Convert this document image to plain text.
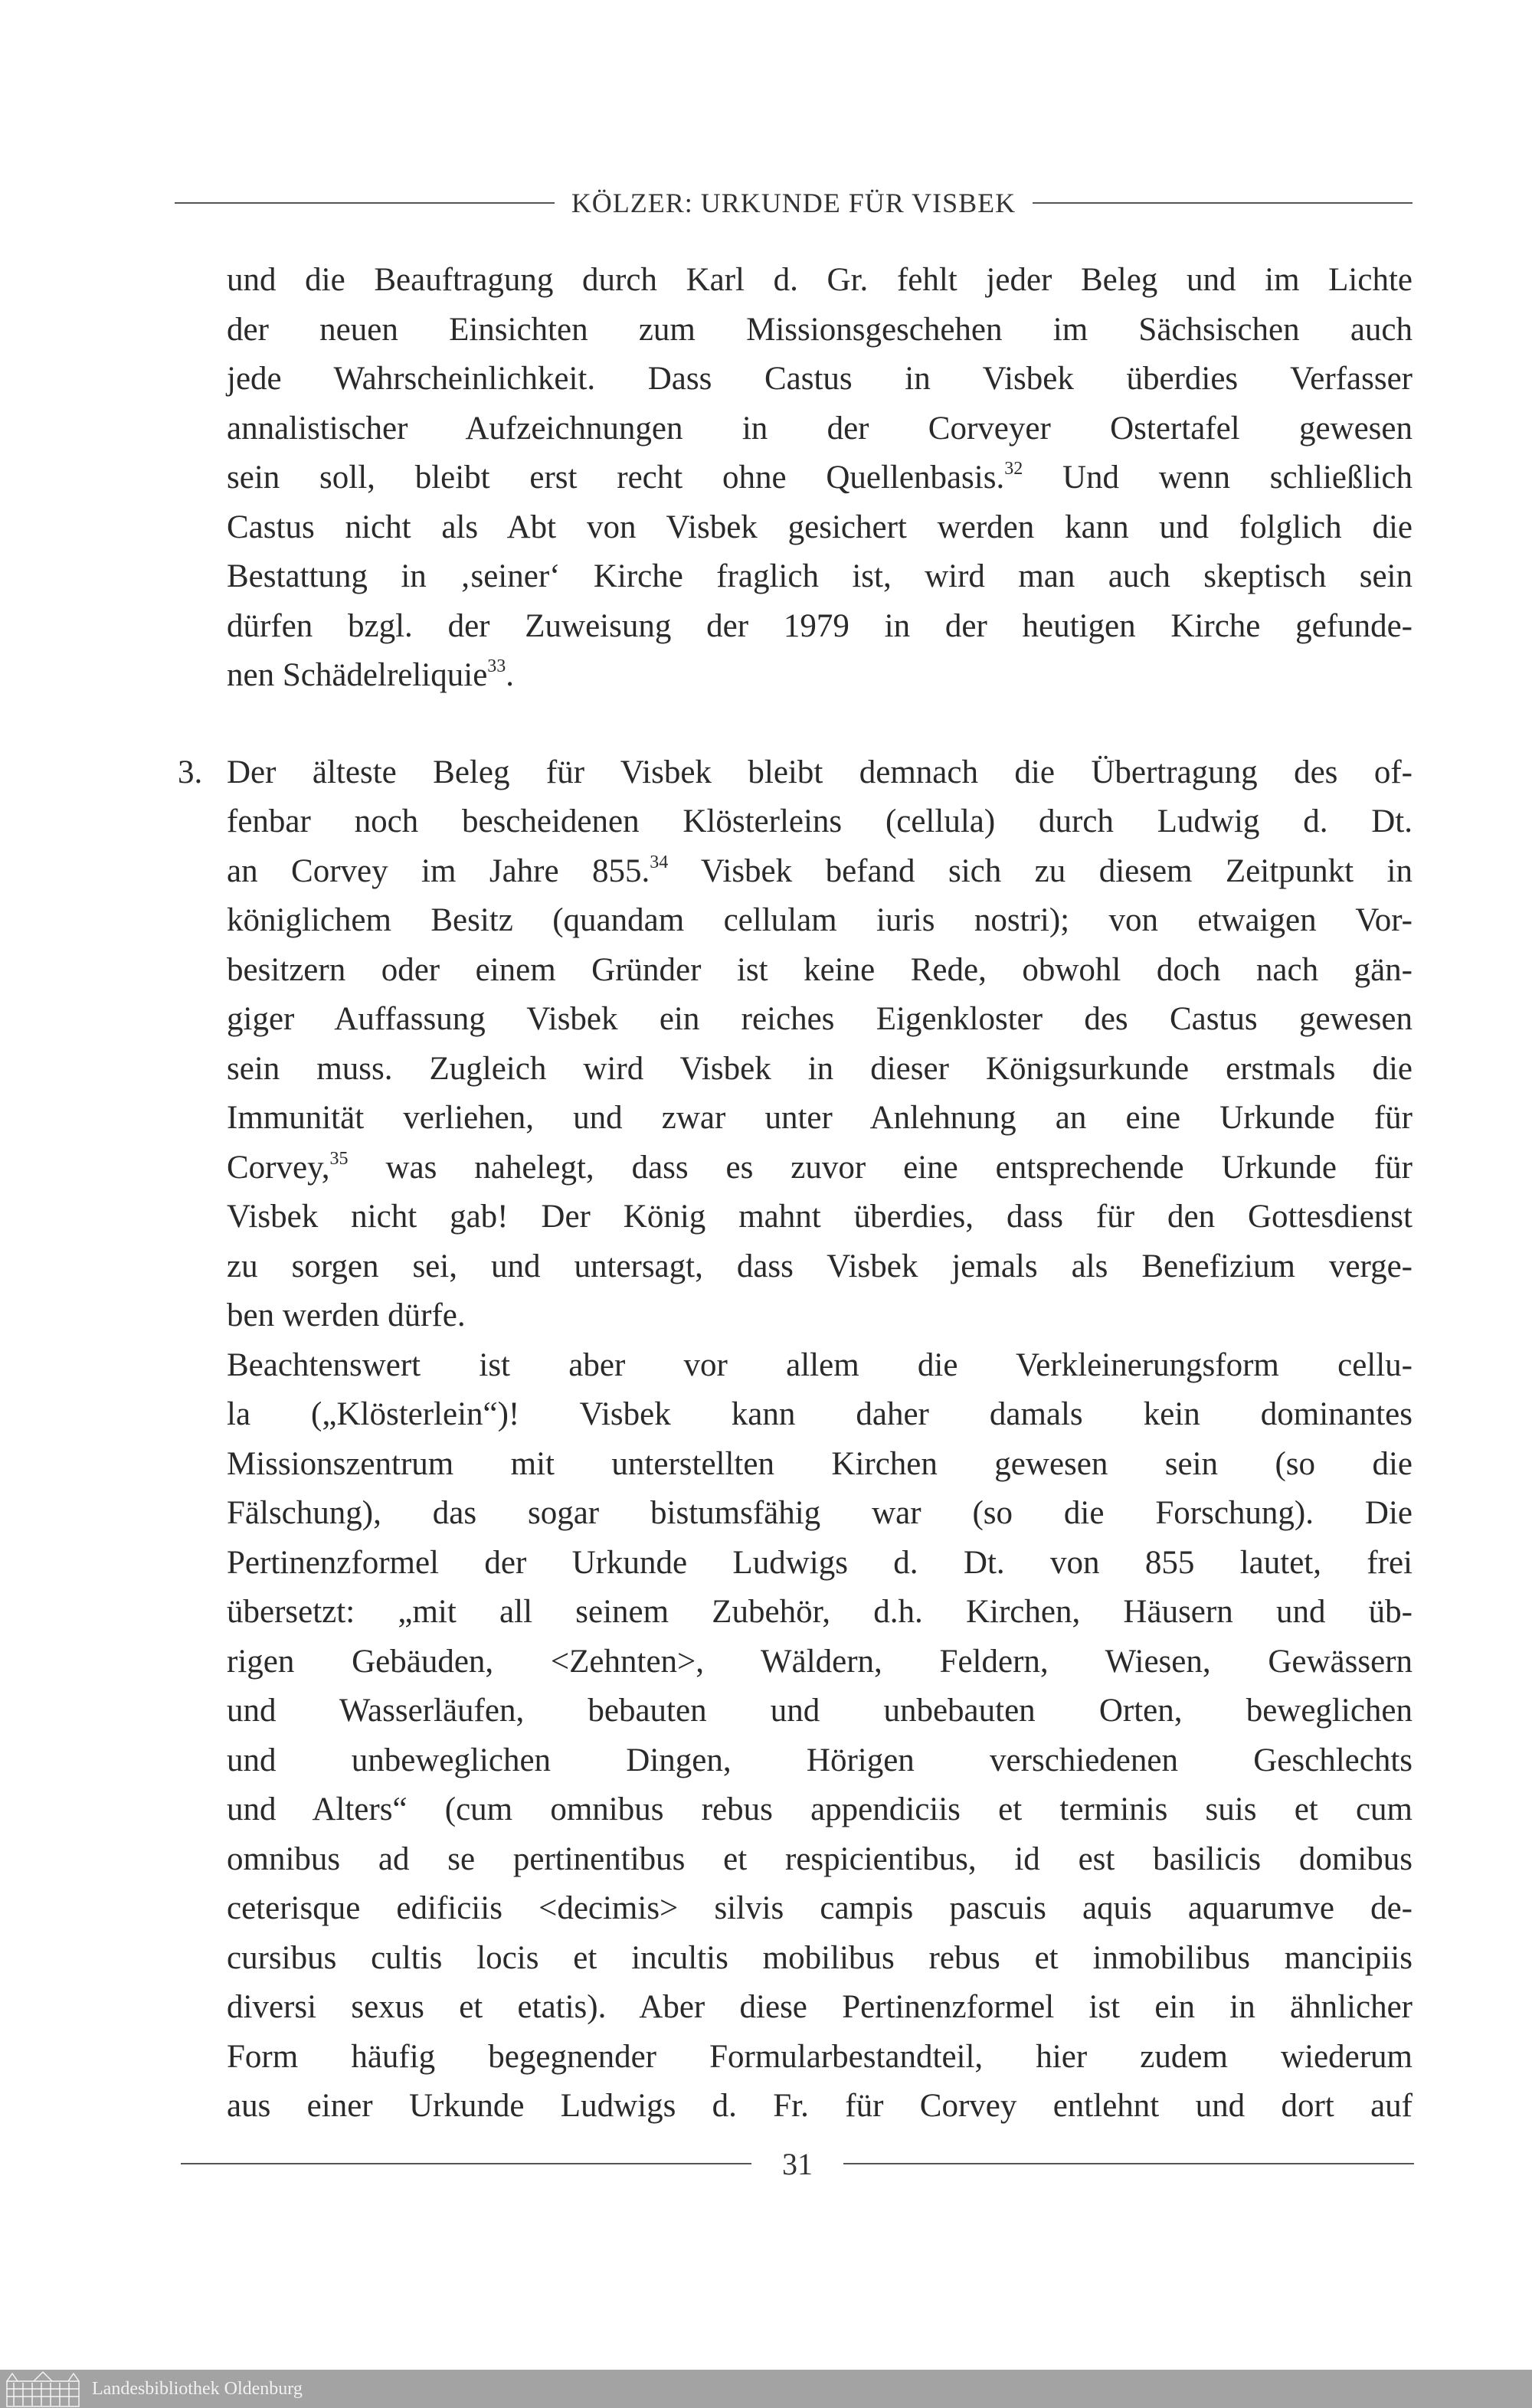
KÖLZER: URKUNDE FÜR VISBEK
und die Beauftragung durch Karl d. Gr. fehlt jeder Beleg und im Lichte
der neuen Einsichten zum Missionsgeschehen im Sächsischen auch
jede Wahrscheinlichkeit. Dass Castus in Visbek überdies Verfasser
annalistischer Aufzeichnungen in der Corveyer Ostertafel gewesen
sein soll, bleibt erst recht ohne Quellenbasis.$^{32}$ Und wenn schließlich
Castus nicht als Abt von Visbek gesichert werden kann und folglich die
Bestattung in ‚seiner‘ Kirche fraglich ist, wird man auch skeptisch sein
dürfen bzgl. der Zuweisung der 1979 in der heutigen Kirche gefunde-
nen Schädelreliquie$^{33}$.
3. Der älteste Beleg für Visbek bleibt demnach die Übertragung des of-
fenbar noch bescheidenen Klösterleins (cellula) durch Ludwig d. Dt.
an Corvey im Jahre 855.34 Visbek befand sich zu diesem Zeitpunkt in
königlichem Besitz (quandam cellulam iuris nostri); von etwaigen Vor-
besitzern oder einem Gründer ist keine Rede, obwohl doch nach gän-
giger Auffassung Visbek ein reiches Eigenkloster des Castus gewesen
sein muss. Zugleich wird Visbek in dieser Königsurkunde erstmals die
Immunität verliehen, und zwar unter Anlehnung an eine Urkunde für
Corvey,$^{35}$ was nahelegt, dass es zuvor eine entsprechende Urkunde für
Visbek nicht gab! Der König mahnt überdies, dass für den Gottesdienst
zu sorgen sei, und untersagt, dass Visbek jemals als Benefizium verge-
ben werden dürfe.
Beachtenswert ist aber vor allem die Verkleinerungsform cellu-
la („Klösterlein“)! Visbek kann daher damals kein dominantes
Missionszentrum mit unterstellten Kirchen gewesen sein (so die
Fälschung), das sogar bistumsfähig war (so die Forschung). Die
Pertinenzformel der Urkunde Ludwigs d. Dt. von 855 lautet, frei
übersetzt: „mit all seinem Zubehör, d.h. Kirchen, Häusern und üb-
rigen Gebäuden, <Zehnten>, Wäldern, Feldern, Wiesen, Gewässern
und Wasserläufen, bebauten und unbebauten Orten, beweglichen
und unbeweglichen Dingen, Hörigen verschiedenen Geschlechts
und Alters“ (cum omnibus rebus appendiciis et terminis suis et cum
omnibus ad se pertinentibus et respicientibus, id est basilicis domibus
ceterisque edificiis <decimis> silvis campis pascuis aquis aquarumve de-
cursibus cultis locis et incultis mobilibus rebus et inmobilibus mancipiis
diversi sexus et etatis). Aber diese Pertinenzformel ist ein in ähnlicher
Form häufig begegnender Formularbestandteil, hier zudem wiederum
aus einer Urkunde Ludwigs d. Fr. für Corvey entlehnt und dort auf
31
Landesbibliothek Oldenburg
